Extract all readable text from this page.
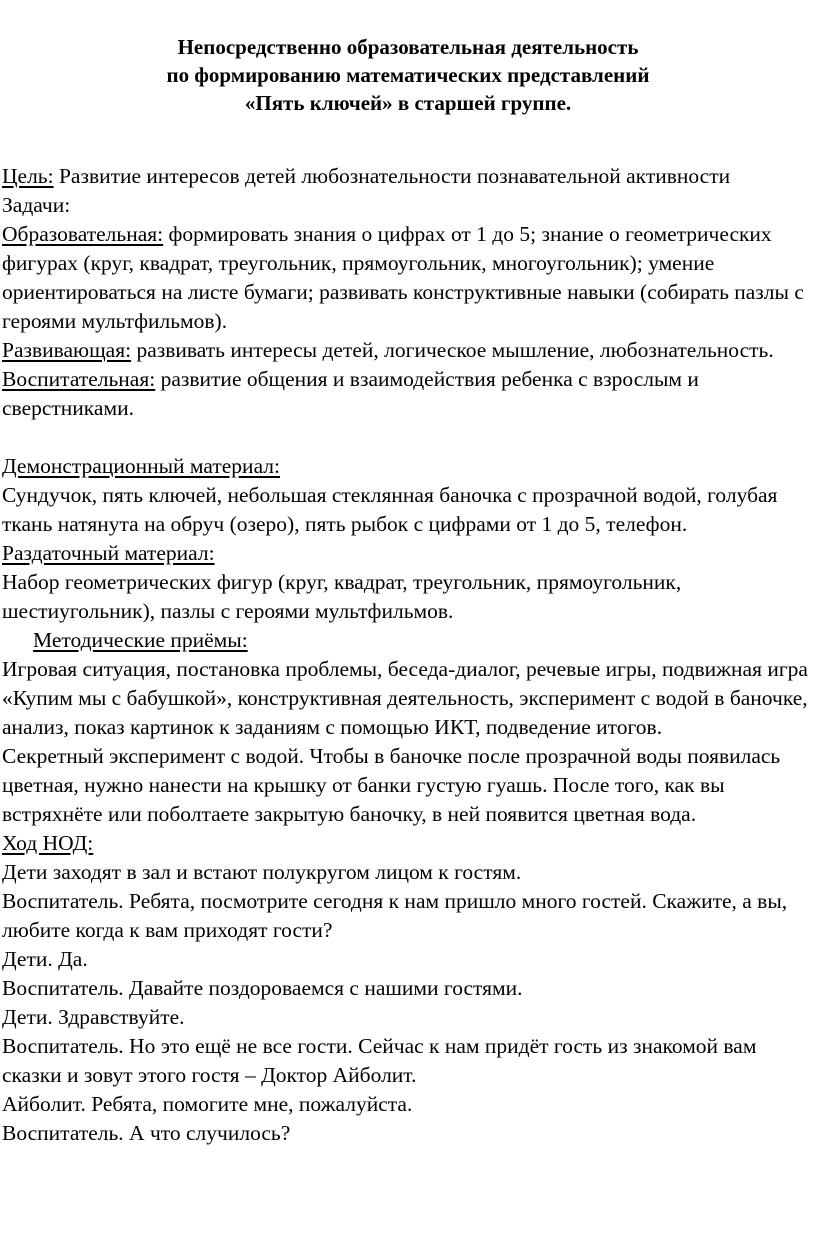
Непосредственно образовательная деятельность
по формированию математических представлений
«Пять ключей» в старшей группе.

Цель: Развитие интересов детей любознательности познавательной активности

Задачи:

Образовательная: формировать знания о цифрах от 1 до 5; знание о геометрических фигурах (круг, квадрат, треугольник, прямоугольник, многоугольник); умение ориентироваться на листе бумаги; развивать конструктивные навыки (собирать пазлы с героями мультфильмов).

Развивающая: развивать интересы детей, логическое мышление, любознательность.

Воспитательная: развитие общения и взаимодействия ребенка с взрослым и сверстниками.

Демонстрационный материал:

Сундучок, пять ключей, небольшая стеклянная баночка с прозрачной водой, голубая ткань натянута на обруч (озеро), пять рыбок с цифрами от 1 до 5, телефон.

Раздаточный материал:

Набор геометрических фигур (круг, квадрат, треугольник, прямоугольник, шестиугольник), пазлы с героями мультфильмов.

Методические приёмы:

Игровая ситуация, постановка проблемы, беседа-диалог, речевые игры, подвижная игра «Купим мы с бабушкой», конструктивная деятельность, эксперимент с водой в баночке, анализ, показ картинок к заданиям с помощью ИКТ, подведение итогов.

Секретный эксперимент с водой. Чтобы в баночке после прозрачной воды появилась цветная, нужно нанести на крышку от банки густую гуашь. После того, как вы встряхнёте или поболтаете закрытую баночку, в ней появится цветная вода.

Ход НОД:

Дети заходят в зал и встают полукругом лицом к гостям.

Воспитатель. Ребята, посмотрите сегодня к нам пришло много гостей. Скажите, а вы, любите когда к вам приходят гости?

Дети. Да.

Воспитатель. Давайте поздороваемся с нашими гостями.

Дети. Здравствуйте.

Воспитатель. Но это ещё не все гости. Сейчас к нам придёт гость из знакомой вам сказки и зовут этого гостя – Доктор Айболит.

Айболит. Ребята, помогите мне, пожалуйста.

Воспитатель. А что случилось?
